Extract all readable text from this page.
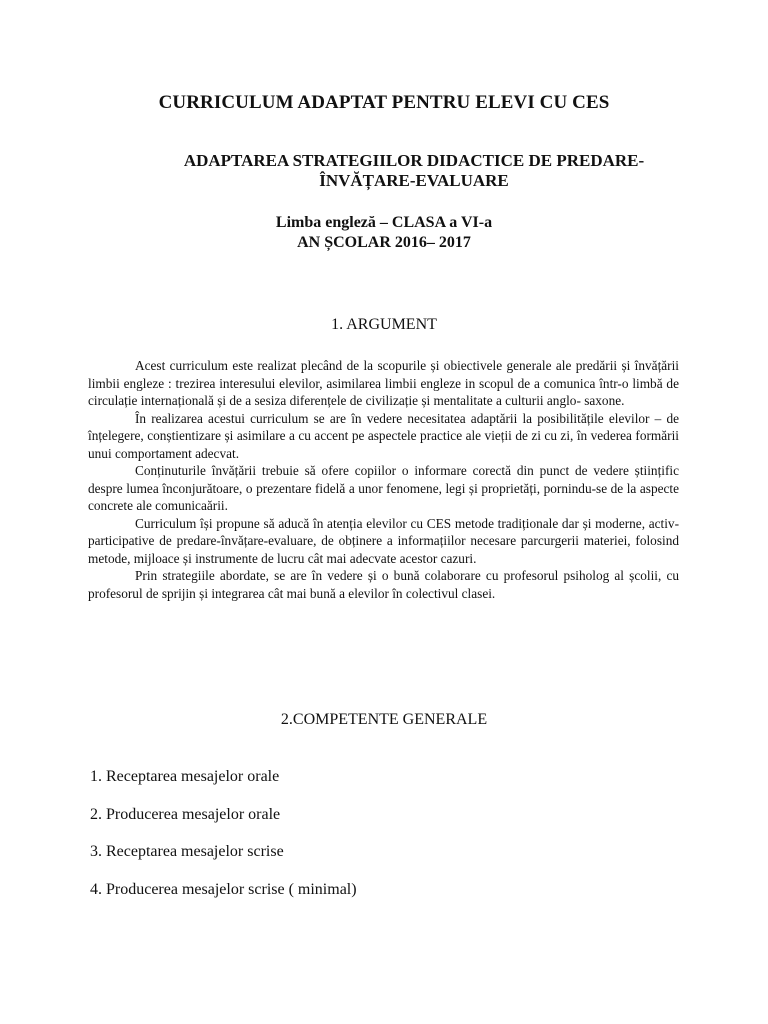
CURRICULUM ADAPTAT PENTRU ELEVI CU CES
ADAPTAREA STRATEGIILOR DIDACTICE DE PREDARE-
ÎNVĂȚARE-EVALUARE
Limba engleză – CLASA a VI-a
AN ȘCOLAR 2016– 2017
1. ARGUMENT

Acest curriculum este realizat plecând de la scopurile și obiectivele generale ale predării și învățării limbii engleze : trezirea interesului elevilor, asimilarea limbii engleze in scopul de a comunica într-o limbă de circulație internațională și de a sesiza diferențele de civilizație și mentalitate a culturii anglo- saxone.

În realizarea acestui curriculum se are în vedere necesitatea adaptării la posibilitățile elevilor – de înțelegere, conștientizare și asimilare a cu accent pe aspectele practice ale vieții de zi cu zi, în vederea formării unui comportament adecvat.

Conținuturile învățării trebuie să ofere copiilor o informare corectă din punct de vedere științific despre lumea înconjurătoare, o prezentare fidelă a unor fenomene, legi și proprietăți, pornindu-se de la aspecte concrete ale comunicaării.

Curriculum își propune să aducă în atenția elevilor cu CES metode tradiționale dar și moderne, activ-participative de predare-învățare-evaluare, de obținere a informațiilor necesare parcurgerii materiei, folosind metode, mijloace și instrumente de lucru cât mai adecvate acestor cazuri.

Prin strategiile abordate, se are în vedere și o bună colaborare cu profesorul psiholog al școlii, cu profesorul de sprijin și integrarea cât mai bună a elevilor în colectivul clasei.

2.COMPETENTE GENERALE
1. Receptarea mesajelor orale
2. Producerea mesajelor orale
3. Receptarea mesajelor scrise
4. Producerea mesajelor scrise ( minimal)
